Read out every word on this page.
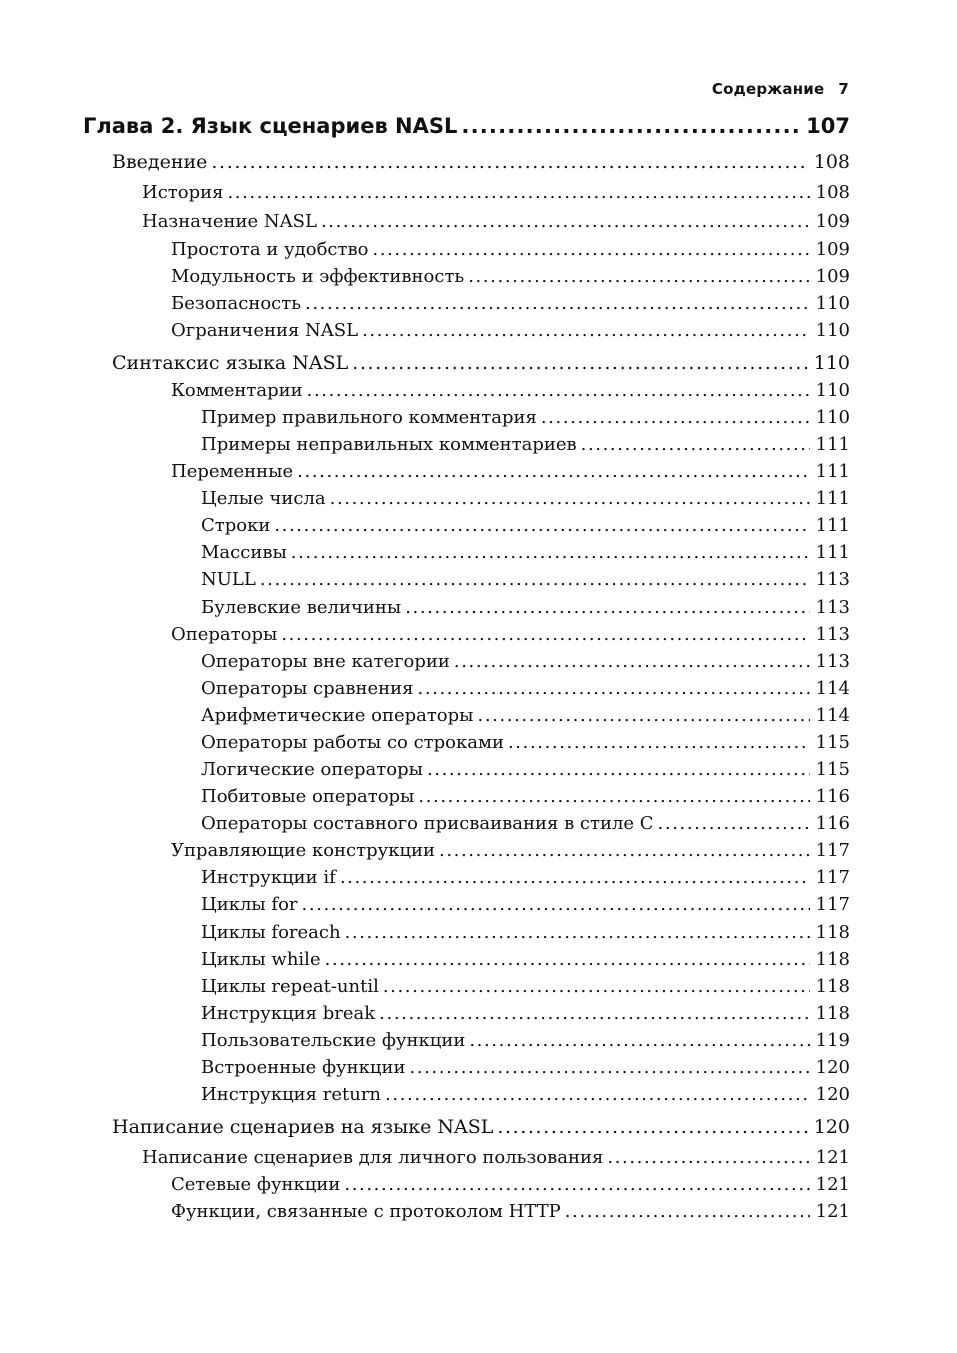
Содержание 7
Глава 2. Язык сценариев NASL .....	107
Введение .....	108
История .....	108
Назначение NASL .....	109
Простота и удобство .....	109
Модульность и эффективность .....	109
Безопасность .....	110
Ограничения NASL .....	110
Синтаксис языка NASL .....	110
Комментарии .....	110
Пример правильного комментария .....	110
Примеры неправильных комментариев .....	111
Переменные .....	111
Целые числа .....	111
Строки .....	111
Массивы .....	111
NULL .....	113
Булевские величины .....	113
Операторы .....	113
Операторы вне категории .....	113
Операторы сравнения .....	114
Арифметические операторы .....	114
Операторы работы со строками .....	115
Логические операторы .....	115
Побитовые операторы .....	116
Операторы составного присваивания в стиле C .....	116
Управляющие конструкции .....	117
Инструкции if .....	117
Циклы for .....	117
Циклы foreach .....	118
Циклы while .....	118
Циклы repeat-until .....	118
Инструкция break .....	118
Пользовательские функции .....	119
Встроенные функции .....	120
Инструкция return .....	120
Написание сценариев на языке NASL .....	120
Написание сценариев для личного пользования .....	121
Сетевые функции .....	121
Функции, связанные с протоколом HTTP .....	121
